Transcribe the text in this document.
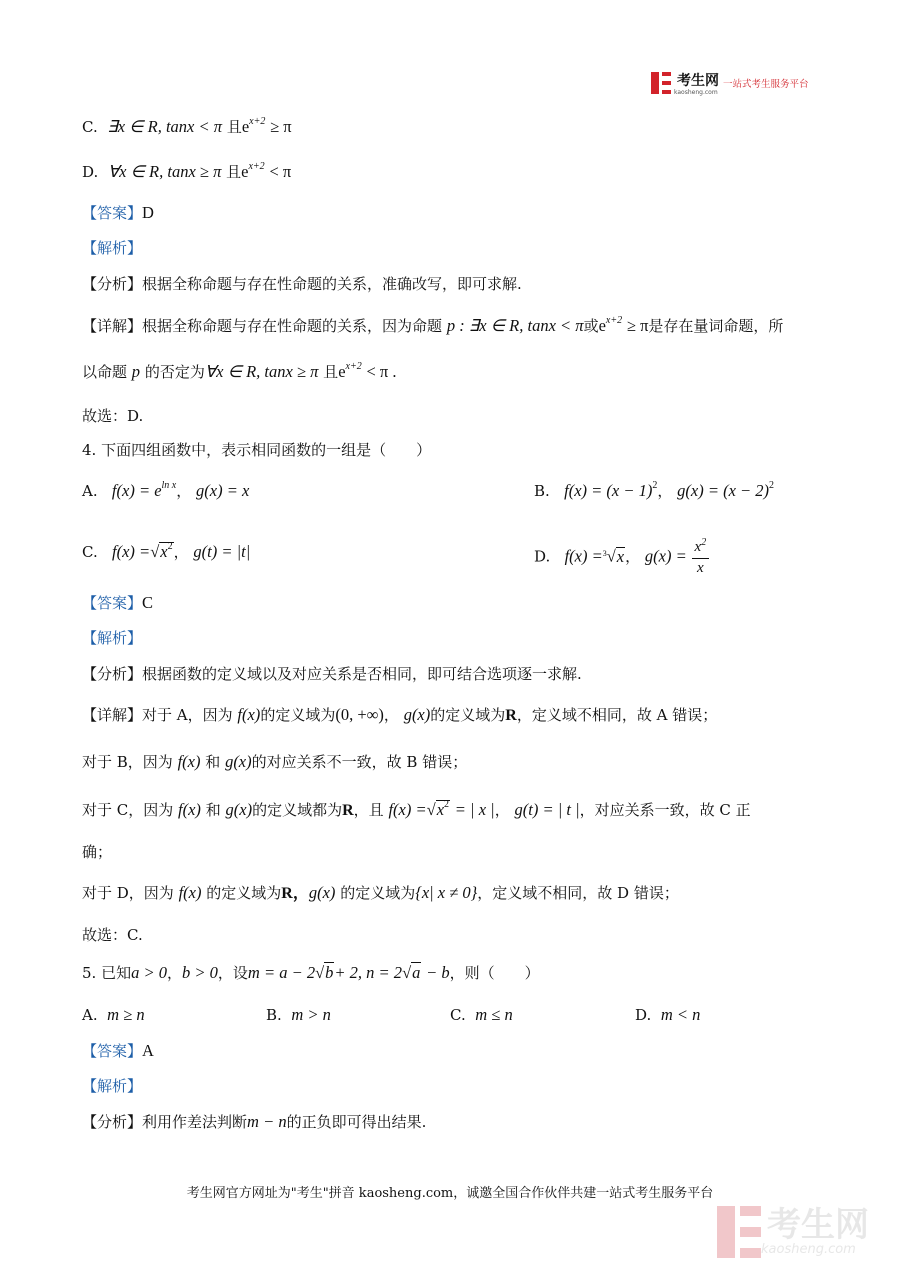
考生网
kaosheng.com
一站式考生服务平台
C. ∃x ∈ R, tanx < π 且$e^{x+2} \ge \pi$
D. ∀x ∈ R, tanx ≥ π 且$e^{x+2} < \pi$
【答案】D
【解析】
【分析】根据全称命题与存在性命题的关系，准确改写，即可求解.
【详解】根据全称命题与存在性命题的关系，因为命题 p : ∃x ∈ R, tanx < π或$e^{x+2} \ge \pi$是存在量词命题，所
以命题 p 的否定为∀x ∈ R, tanx ≥ π 且$e^{x+2} < \pi$ .
故选：D.
4. 下面四组函数中，表示相同函数的一组是（　　）
A. $f(x) = e^{ln x}$， g(x) = x	B. $f(x) = (x - 1)^2$， $g(x) = (x - 2)^2$
C. $f(x) =√x^2$， g(t) = |t|	D. f(x) =$^3$√x， $g(x) = \frac{x^2}{x}$
【答案】C
【解析】
【分析】根据函数的定义域以及对应关系是否相同，即可结合选项逐一求解.
【详解】对于 A，因为 f(x)的定义域为(0, +∞)， g(x)的定义域为R，定义域不相同，故 A 错误；
对于 B，因为 f(x) 和 g(x)的对应关系不一致，故 B 错误；
对于 C，因为 f(x) 和 g(x)的定义域都为R，且 $f(x) =√x^2$ = | x |， g(t) = | t |，对应关系一致，故 C 正
确；
对于 D，因为 f(x) 的定义域为R，g(x) 的定义域为{x| x ≠ 0}，定义域不相同，故 D 错误；
故选：C.
5. 已知a > 0，b > 0，设m = a − 2√b+ 2, n = 2√a − b，则（　　）
A. m ≥ n	B. m > n	C. m ≤ n	D. m < n
【答案】A
【解析】
【分析】利用作差法判断m − n的正负即可得出结果.
考生网官方网址为"考生"拼音 kaosheng.com，诚邀全国合作伙伴共建一站式考生服务平台
考生网
kaosheng.com
